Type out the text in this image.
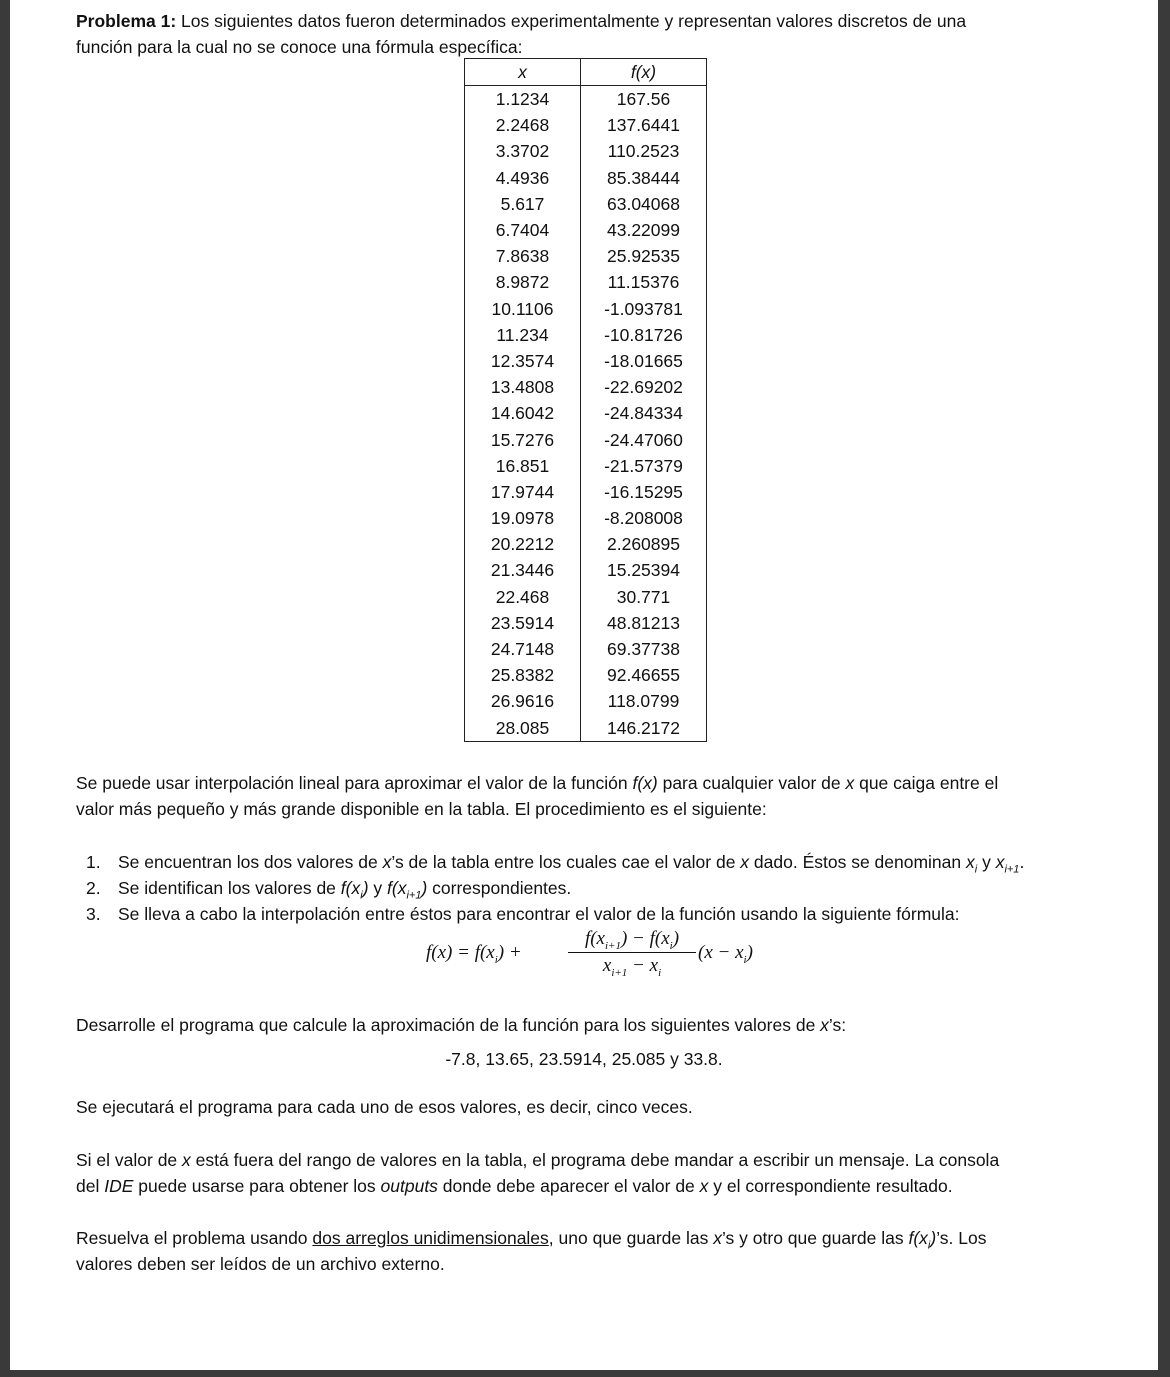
Problema 1: Los siguientes datos fueron determinados experimentalmente y representan valores discretos de una

función para la cual no se conoce una fórmula específica:

x	f(x)
1.1234	167.56
2.2468	137.6441
3.3702	110.2523
4.4936	85.38444
5.617	63.04068
6.7404	43.22099
7.8638	25.92535
8.9872	11.15376
10.1106	-1.093781
11.234	-10.81726
12.3574	-18.01665
13.4808	-22.69202
14.6042	-24.84334
15.7276	-24.47060
16.851	-21.57379
17.9744	-16.15295
19.0978	-8.208008
20.2212	2.260895
21.3446	15.25394
22.468	30.771
23.5914	48.81213
24.7148	69.37738
25.8382	92.46655
26.9616	118.0799
28.085	146.2172

Se puede usar interpolación lineal para aproximar el valor de la función f(x) para cualquier valor de x que caiga entre el

valor más pequeño y más grande disponible en la tabla. El procedimiento es el siguiente:

1. Se encuentran los dos valores de x’s de la tabla entre los cuales cae el valor de x dado. Éstos se denominan $x_i$ y $x_{i+1}$.
2. Se identifican los valores de $f(x_i)$ y $f(x_{i+1})$ correspondientes.
3. Se lleva a cabo la interpolación entre éstos para encontrar el valor de la función usando la siguiente fórmula:
$f(x) = f(x_i) + \frac{f(x_{i+1}) - f(x_i)}{x_{i+1} - x_i} (x - x_i)$

Desarrolle el programa que calcule la aproximación de la función para los siguientes valores de x’s:

-7.8, 13.65, 23.5914, 25.085 y 33.8.

Se ejecutará el programa para cada uno de esos valores, es decir, cinco veces.

Si el valor de x está fuera del rango de valores en la tabla, el programa debe mandar a escribir un mensaje. La consola

del IDE puede usarse para obtener los outputs donde debe aparecer el valor de x y el correspondiente resultado.

Resuelva el problema usando dos arreglos unidimensionales, uno que guarde las x’s y otro que guarde las $f(x_i)’s$. Los

valores deben ser leídos de un archivo externo.
